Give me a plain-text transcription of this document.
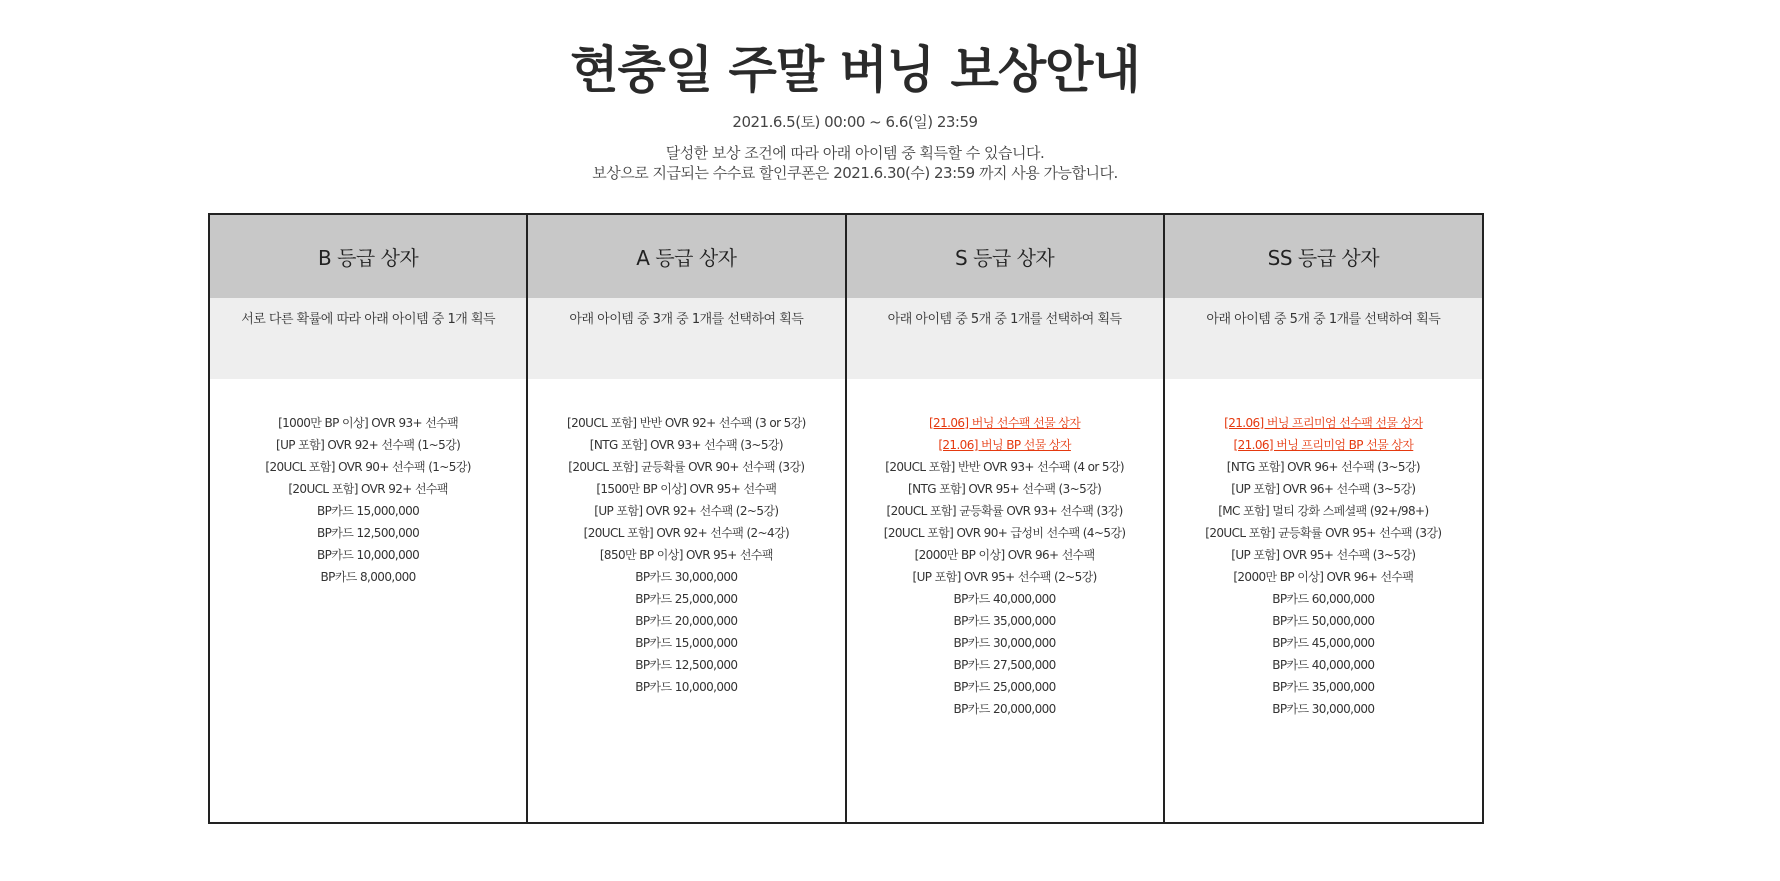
현충일 주말 버닝 보상안내
2021.6.5(토) 00:00 ~ 6.6(일) 23:59
달성한 보상 조건에 따라 아래 아이템 중 획득할 수 있습니다.
보상으로 지급되는 수수료 할인쿠폰은 2021.6.30(수) 23:59 까지 사용 가능합니다.
B 등급 상자
서로 다른 확률에 따라 아래 아이템 중 1개 획득
[1000만 BP 이상] OVR 93+ 선수팩
[UP 포함] OVR 92+ 선수팩 (1~5강)
[20UCL 포함] OVR 90+ 선수팩 (1~5강)
[20UCL 포함] OVR 92+ 선수팩
BP카드 15,000,000
BP카드 12,500,000
BP카드 10,000,000
BP카드 8,000,000
A 등급 상자
아래 아이템 중 3개 중 1개를 선택하여 획득
[20UCL 포함] 반반 OVR 92+ 선수팩 (3 or 5강)
[NTG 포함] OVR 93+ 선수팩 (3~5강)
[20UCL 포함] 균등확률 OVR 90+ 선수팩 (3강)
[1500만 BP 이상] OVR 95+ 선수팩
[UP 포함] OVR 92+ 선수팩 (2~5강)
[20UCL 포함] OVR 92+ 선수팩 (2~4강)
[850만 BP 이상] OVR 95+ 선수팩
BP카드 30,000,000
BP카드 25,000,000
BP카드 20,000,000
BP카드 15,000,000
BP카드 12,500,000
BP카드 10,000,000
S 등급 상자
아래 아이템 중 5개 중 1개를 선택하여 획득
[21.06] 버닝 선수팩 선물 상자
[21.06] 버닝 BP 선물 상자
[20UCL 포함] 반반 OVR 93+ 선수팩 (4 or 5강)
[NTG 포함] OVR 95+ 선수팩 (3~5강)
[20UCL 포함] 균등확률 OVR 93+ 선수팩 (3강)
[20UCL 포함] OVR 90+ 급성비 선수팩 (4~5강)
[2000만 BP 이상] OVR 96+ 선수팩
[UP 포함] OVR 95+ 선수팩 (2~5강)
BP카드 40,000,000
BP카드 35,000,000
BP카드 30,000,000
BP카드 27,500,000
BP카드 25,000,000
BP카드 20,000,000
SS 등급 상자
아래 아이템 중 5개 중 1개를 선택하여 획득
[21.06] 버닝 프리미엄 선수팩 선물 상자
[21.06] 버닝 프리미엄 BP 선물 상자
[NTG 포함] OVR 96+ 선수팩 (3~5강)
[UP 포함] OVR 96+ 선수팩 (3~5강)
[MC 포함] 멀티 강화 스페셜팩 (92+/98+)
[20UCL 포함] 균등확률 OVR 95+ 선수팩 (3강)
[UP 포함] OVR 95+ 선수팩 (3~5강)
[2000만 BP 이상] OVR 96+ 선수팩
BP카드 60,000,000
BP카드 50,000,000
BP카드 45,000,000
BP카드 40,000,000
BP카드 35,000,000
BP카드 30,000,000
